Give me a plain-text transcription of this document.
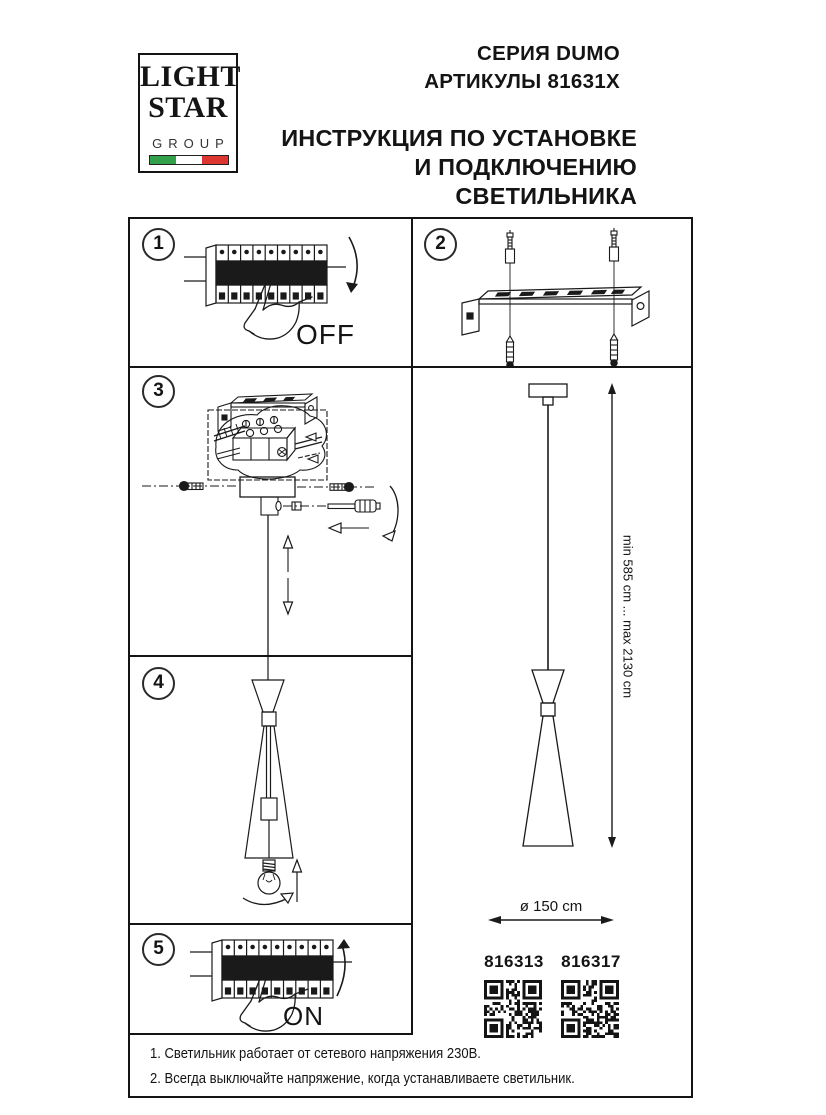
LIGHT
STAR
GROUP
СЕРИЯ DUMO
АРТИКУЛЫ 81631X
ИНСТРУКЦИЯ ПО УСТАНОВКЕ
И ПОДКЛЮЧЕНИЮ СВЕТИЛЬНИКА
1	2
3
4
5
OFF
ON
min 585 cm ... max 2130 cm
ø 150 cm
816313	816317
1. Светильник работает от сетевого напряжения 230В.
2. Всегда выключайте напряжение, когда устанавливаете светильник.
